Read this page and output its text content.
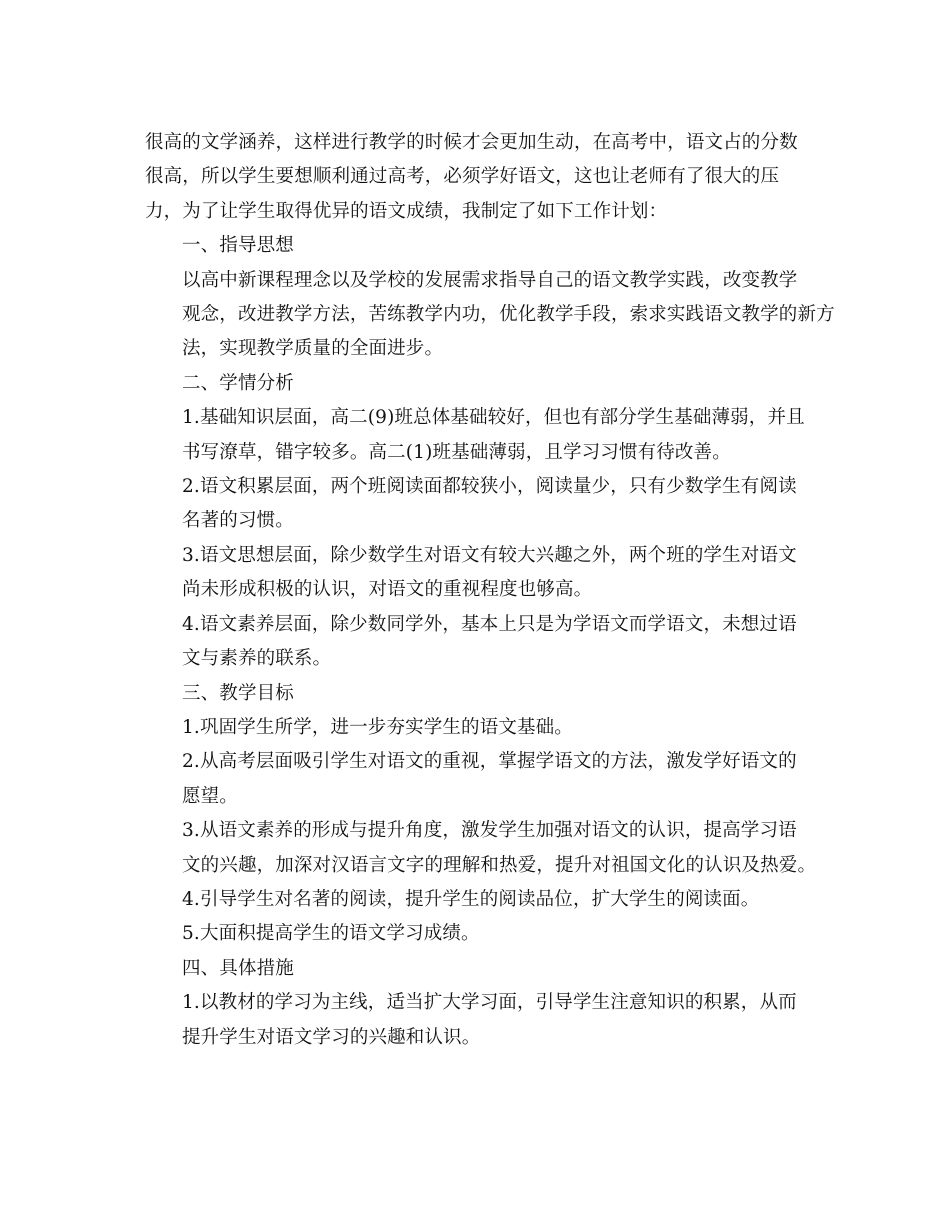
很高的文学涵养，这样进行教学的时候才会更加生动，在高考中，语文占的分数
很高，所以学生要想顺利通过高考，必须学好语文，这也让老师有了很大的压
力，为了让学生取得优异的语文成绩，我制定了如下工作计划：

一、指导思想

以高中新课程理念以及学校的发展需求指导自己的语文教学实践，改变教学
观念，改进教学方法，苦练教学内功，优化教学手段，索求实践语文教学的新方
法，实现教学质量的全面进步。

二、学情分析

1.基础知识层面，高二(9)班总体基础较好，但也有部分学生基础薄弱，并且
书写潦草，错字较多。高二(1)班基础薄弱，且学习习惯有待改善。

2.语文积累层面，两个班阅读面都较狭小，阅读量少，只有少数学生有阅读
名著的习惯。

3.语文思想层面，除少数学生对语文有较大兴趣之外，两个班的学生对语文
尚未形成积极的认识，对语文的重视程度也够高。

4.语文素养层面，除少数同学外，基本上只是为学语文而学语文，未想过语
文与素养的联系。

三、教学目标

1.巩固学生所学，进一步夯实学生的语文基础。

2.从高考层面吸引学生对语文的重视，掌握学语文的方法，激发学好语文的
愿望。

3.从语文素养的形成与提升角度，激发学生加强对语文的认识，提高学习语
文的兴趣，加深对汉语言文字的理解和热爱，提升对祖国文化的认识及热爱。

4.引导学生对名著的阅读，提升学生的阅读品位，扩大学生的阅读面。

5.大面积提高学生的语文学习成绩。

四、具体措施

1.以教材的学习为主线，适当扩大学习面，引导学生注意知识的积累，从而
提升学生对语文学习的兴趣和认识。
